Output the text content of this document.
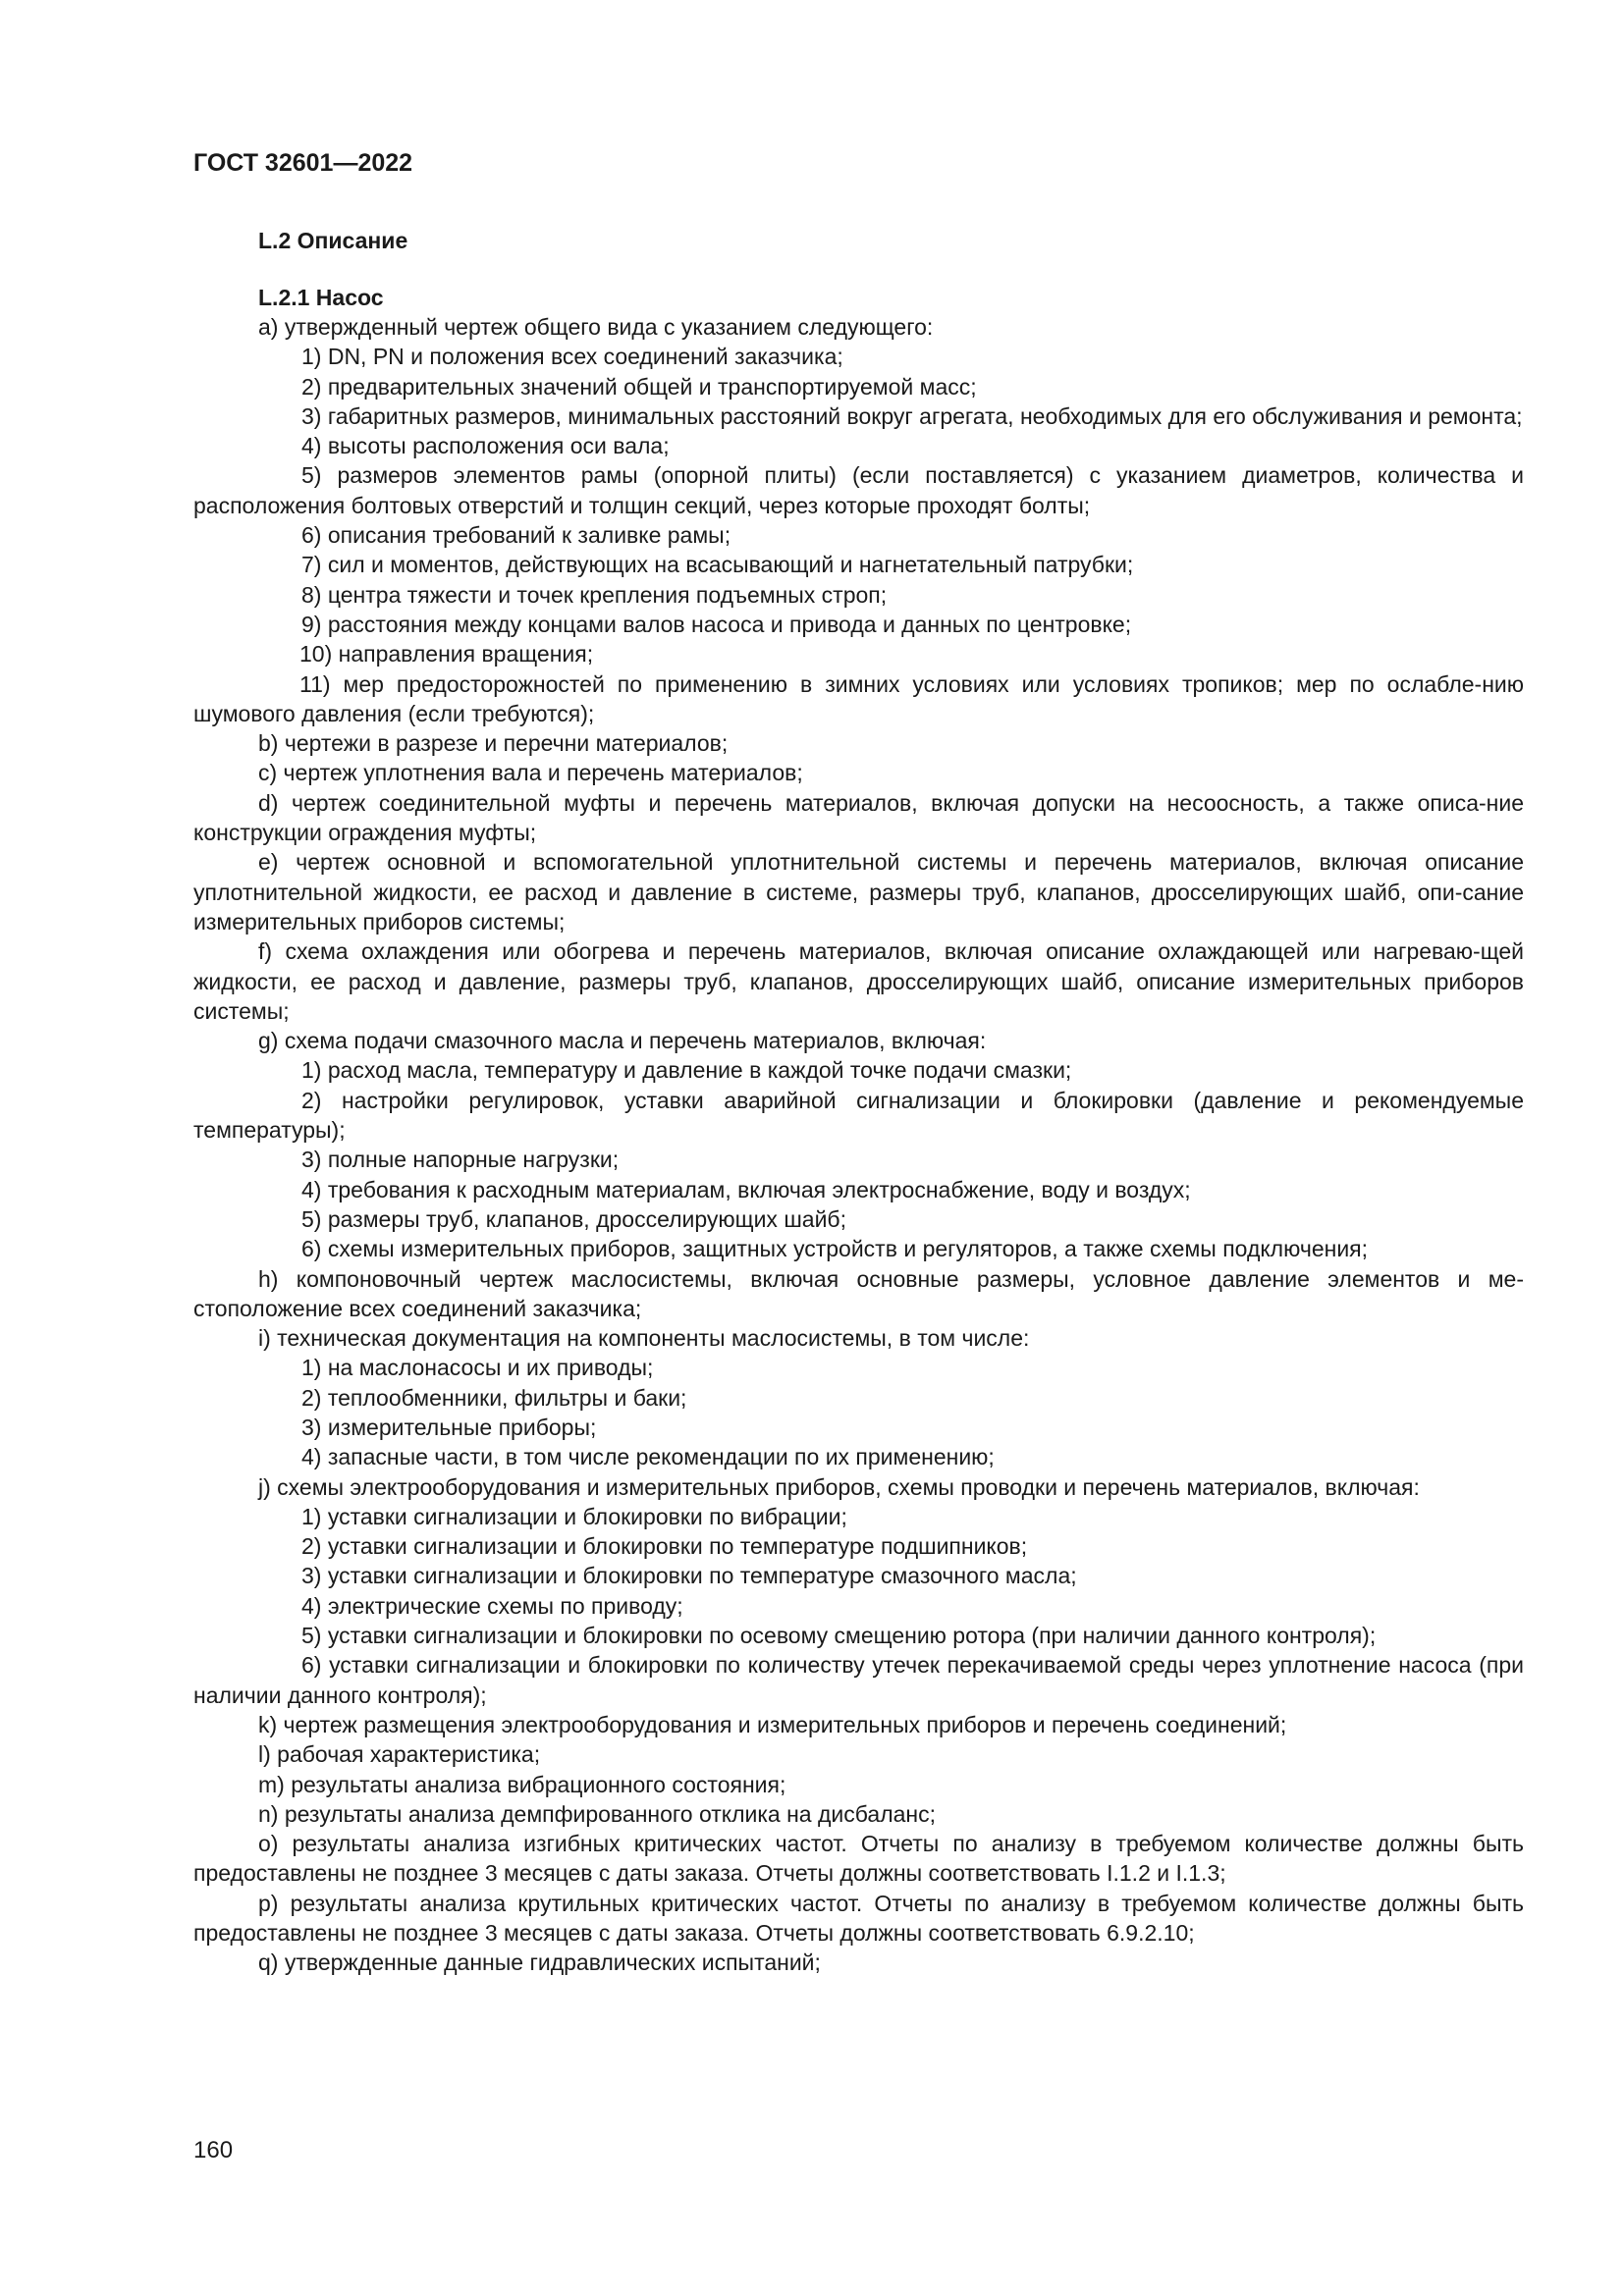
ГОСТ 32601—2022
L.2 Описание
L.2.1 Насос

a) утвержденный чертеж общего вида с указанием следующего:

1) DN, PN и положения всех соединений заказчика;

2) предварительных значений общей и транспортируемой масс;

3) габаритных размеров, минимальных расстояний вокруг агрегата, необходимых для его обслуживания и ремонта;

4) высоты расположения оси вала;

5) размеров элементов рамы (опорной плиты) (если поставляется) с указанием диаметров, количества и расположения болтовых отверстий и толщин секций, через которые проходят болты;

6) описания требований к заливке рамы;

7) сил и моментов, действующих на всасывающий и нагнетательный патрубки;

8) центра тяжести и точек крепления подъемных строп;

9) расстояния между концами валов насоса и привода и данных по центровке;

10) направления вращения;

11) мер предосторожностей по применению в зимних условиях или условиях тропиков; мер по ослабле-нию шумового давления (если требуются);

b) чертежи в разрезе и перечни материалов;

c) чертеж уплотнения вала и перечень материалов;

d) чертеж соединительной муфты и перечень материалов, включая допуски на несоосность, а также описа-ние конструкции ограждения муфты;

e) чертеж основной и вспомогательной уплотнительной системы и перечень материалов, включая описание уплотнительной жидкости, ее расход и давление в системе, размеры труб, клапанов, дросселирующих шайб, опи-сание измерительных приборов системы;

f) схема охлаждения или обогрева и перечень материалов, включая описание охлаждающей или нагреваю-щей жидкости, ее расход и давление, размеры труб, клапанов, дросселирующих шайб, описание измерительных приборов системы;

g) схема подачи смазочного масла и перечень материалов, включая:

1) расход масла, температуру и давление в каждой точке подачи смазки;

2) настройки регулировок, уставки аварийной сигнализации и блокировки (давление и рекомендуемые температуры);

3) полные напорные нагрузки;

4) требования к расходным материалам, включая электроснабжение, воду и воздух;

5) размеры труб, клапанов, дросселирующих шайб;

6) схемы измерительных приборов, защитных устройств и регуляторов, а также схемы подключения;

h) компоновочный чертеж маслосистемы, включая основные размеры, условное давление элементов и ме-стоположение всех соединений заказчика;

i) техническая документация на компоненты маслосистемы, в том числе:

1) на маслонасосы и их приводы;

2) теплообменники, фильтры и баки;

3) измерительные приборы;

4) запасные части, в том числе рекомендации по их применению;

j) схемы электрооборудования и измерительных приборов, схемы проводки и перечень материалов, включая:

1) уставки сигнализации и блокировки по вибрации;

2) уставки сигнализации и блокировки по температуре подшипников;

3) уставки сигнализации и блокировки по температуре смазочного масла;

4) электрические схемы по приводу;

5) уставки сигнализации и блокировки по осевому смещению ротора (при наличии данного контроля);

6) уставки сигнализации и блокировки по количеству утечек перекачиваемой среды через уплотнение насоса (при наличии данного контроля);

k) чертеж размещения электрооборудования и измерительных приборов и перечень соединений;

l) рабочая характеристика;

m) результаты анализа вибрационного состояния;

n) результаты анализа демпфированного отклика на дисбаланс;

o) результаты анализа изгибных критических частот. Отчеты по анализу в требуемом количестве должны быть предоставлены не позднее 3 месяцев с даты заказа. Отчеты должны соответствовать I.1.2 и I.1.3;

p) результаты анализа крутильных критических частот. Отчеты по анализу в требуемом количестве должны быть предоставлены не позднее 3 месяцев с даты заказа. Отчеты должны соответствовать 6.9.2.10;

q) утвержденные данные гидравлических испытаний;

160
